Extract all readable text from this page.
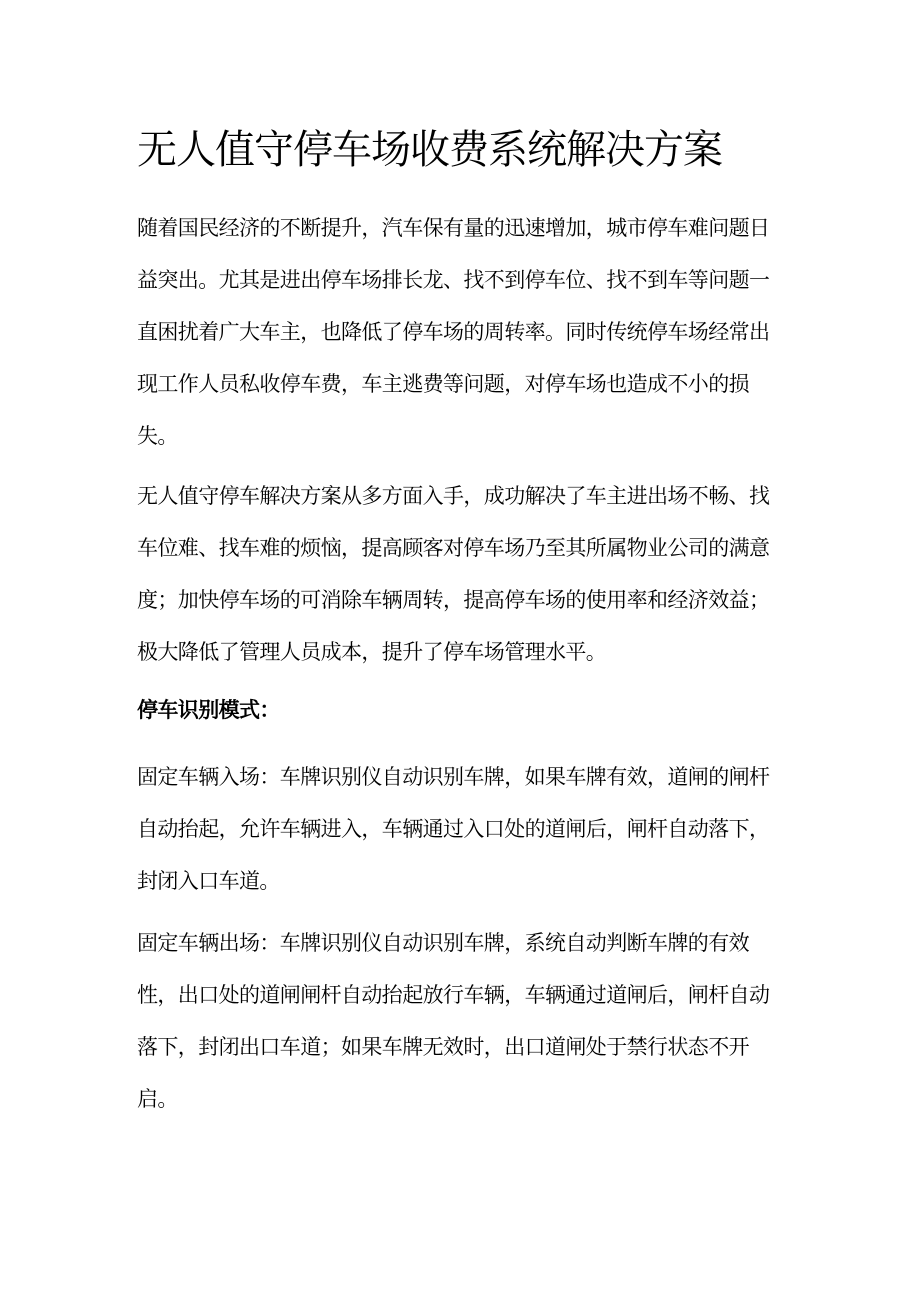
无人值守停车场收费系统解决方案

随着国民经济的不断提升，汽车保有量的迅速增加，城市停车难问题日益突出。尤其是进出停车场排长龙、找不到停车位、找不到车等问题一直困扰着广大车主，也降低了停车场的周转率。同时传统停车场经常出现工作人员私收停车费，车主逃费等问题，对停车场也造成不小的损失。

无人值守停车解决方案从多方面入手，成功解决了车主进出场不畅、找车位难、找车难的烦恼，提高顾客对停车场乃至其所属物业公司的满意度；加快停车场的可消除车辆周转，提高停车场的使用率和经济效益；极大降低了管理人员成本，提升了停车场管理水平。

停车识别模式：

固定车辆入场：车牌识别仪自动识别车牌，如果车牌有效，道闸的闸杆自动抬起，允许车辆进入，车辆通过入口处的道闸后，闸杆自动落下，封闭入口车道。

固定车辆出场：车牌识别仪自动识别车牌，系统自动判断车牌的有效性，出口处的道闸闸杆自动抬起放行车辆，车辆通过道闸后，闸杆自动落下，封闭出口车道；如果车牌无效时，出口道闸处于禁行状态不开启。
